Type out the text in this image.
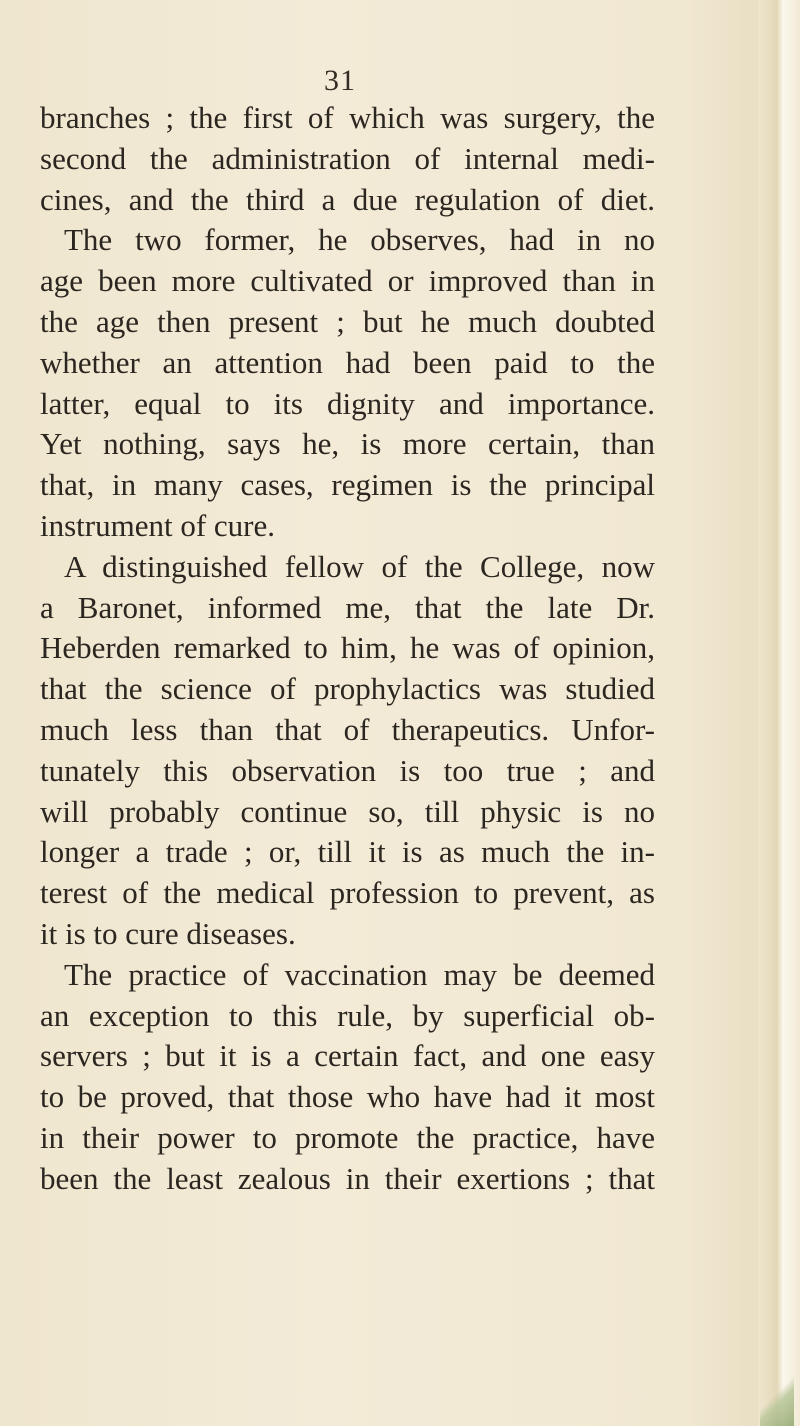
31
branches ; the first of which was surgery, the
second the administration of internal medi-
cines, and the third a due regulation of diet.
The two former, he observes, had in no
age been more cultivated or improved than in
the age then present ; but he much doubted
whether an attention had been paid to the
latter, equal to its dignity and importance.
Yet nothing, says he, is more certain, than
that, in many cases, regimen is the principal
instrument of cure.
A distinguished fellow of the College, now
a Baronet, informed me, that the late Dr.
Heberden remarked to him, he was of opinion,
that the science of prophylactics was studied
much less than that of therapeutics. Unfor-
tunately this observation is too true ; and
will probably continue so, till physic is no
longer a trade ; or, till it is as much the in-
terest of the medical profession to prevent, as
it is to cure diseases.
The practice of vaccination may be deemed
an exception to this rule, by superficial ob-
servers ; but it is a certain fact, and one easy
to be proved, that those who have had it most
in their power to promote the practice, have
been the least zealous in their exertions ; that
